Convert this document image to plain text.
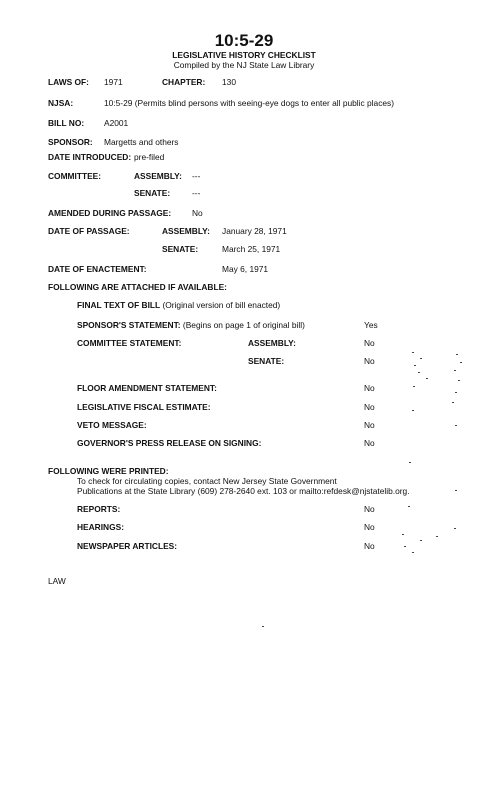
10:5-29
LEGISLATIVE HISTORY CHECKLIST
Compiled by the NJ State Law Library
LAWS OF: 1971	CHAPTER: 130
NJSA:	10:5-29 (Permits blind persons with seeing-eye dogs to enter all public places)
BILL NO: A2001
SPONSOR: Margetts and others
DATE INTRODUCED: pre-filed
COMMITTEE:	ASSEMBLY: ---
SENATE:	---
AMENDED DURING PASSAGE: No
DATE OF PASSAGE:	ASSEMBLY: January 28, 1971
SENATE:	March 25, 1971
DATE OF ENACTEMENT:	May 6, 1971
FOLLOWING ARE ATTACHED IF AVAILABLE:
FINAL TEXT OF BILL (Original version of bill enacted)
SPONSOR'S STATEMENT: (Begins on page 1 of original bill)	Yes
COMMITTEE STATEMENT:	ASSEMBLY:	No
SENATE:	No
FLOOR AMENDMENT STATEMENT:	No
LEGISLATIVE FISCAL ESTIMATE:	No
VETO MESSAGE:	No
GOVERNOR'S PRESS RELEASE ON SIGNING:	No
FOLLOWING WERE PRINTED:
To check for circulating copies, contact New Jersey State Government
Publications at the State Library (609) 278-2640 ext. 103 or mailto:refdesk@njstatelib.org.
REPORTS:	No
HEARINGS:	No
NEWSPAPER ARTICLES:	No
LAW
